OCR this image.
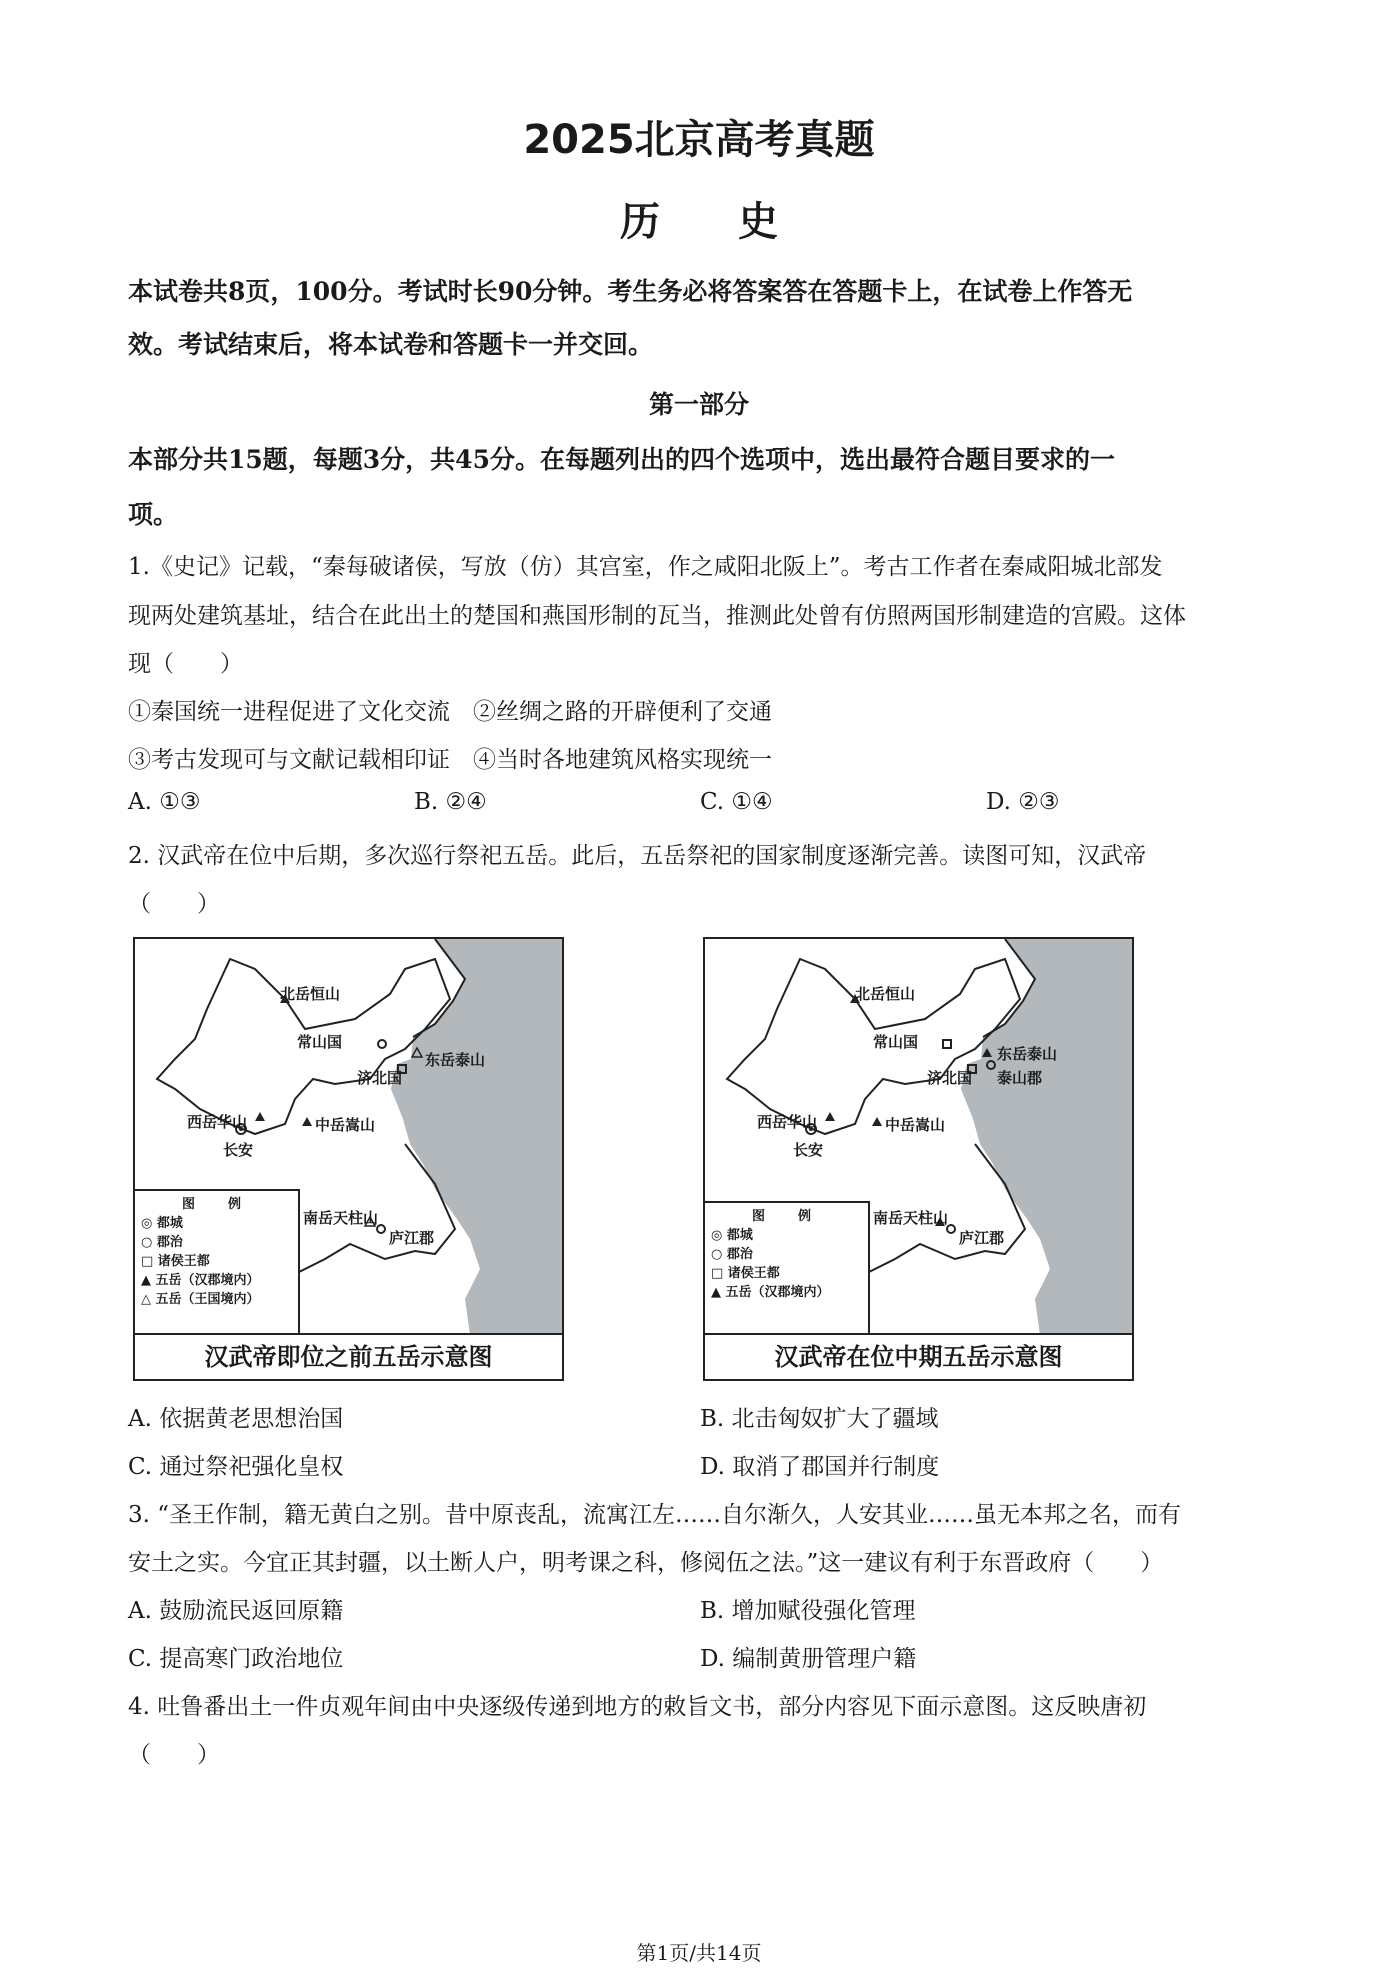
2025北京高考真题
历史
本试卷共8页，100分。考试时长90分钟。考生务必将答案答在答题卡上，在试卷上作答无
效。考试结束后，将本试卷和答题卡一并交回。
第一部分
本部分共15题，每题3分，共45分。在每题列出的四个选项中，选出最符合题目要求的一
项。
1.《史记》记载，“秦每破诸侯，写放（仿）其宫室，作之咸阳北阪上”。考古工作者在秦咸阳城北部发
现两处建筑基址，结合在此出土的楚国和燕国形制的瓦当，推测此处曾有仿照两国形制建造的宫殿。这体
现（　　）
①秦国统一进程促进了文化交流　②丝绸之路的开辟便利了交通
③考古发现可与文献记载相印证　④当时各地建筑风格实现统一
A. ①③	B. ②④	C. ①④	D. ②③
2. 汉武帝在位中后期，多次巡行祭祀五岳。此后，五岳祭祀的国家制度逐渐完善。读图可知，汉武帝
（　　）
北岳恒山
常山国
东岳泰山
济北国
西岳华山	中岳嵩山
长安
南岳天柱山
庐江郡
图　例
◎ 都城
○ 郡治
□ 诸侯王都
▲ 五岳（汉郡境内）
△ 五岳（王国境内）
汉武帝即位之前五岳示意图
北岳恒山
常山国
东岳泰山
济北国 泰山郡
西岳华山	中岳嵩山
长安
南岳天柱山
庐江郡
图　例
◎ 都城
○ 郡治
□ 诸侯王都
▲ 五岳（汉郡境内）
汉武帝在位中期五岳示意图
A. 依据黄老思想治国	B. 北击匈奴扩大了疆域
C. 通过祭祀强化皇权	D. 取消了郡国并行制度
3. “圣王作制，籍无黄白之别。昔中原丧乱，流寓江左……自尔渐久，人安其业……虽无本邦之名，而有
安土之实。今宜正其封疆，以土断人户，明考课之科，修阅伍之法。”这一建议有利于东晋政府（　　）
A. 鼓励流民返回原籍	B. 增加赋役强化管理
C. 提高寒门政治地位	D. 编制黄册管理户籍
4. 吐鲁番出土一件贞观年间由中央逐级传递到地方的敕旨文书，部分内容见下面示意图。这反映唐初
（　　）
第1页/共14页
